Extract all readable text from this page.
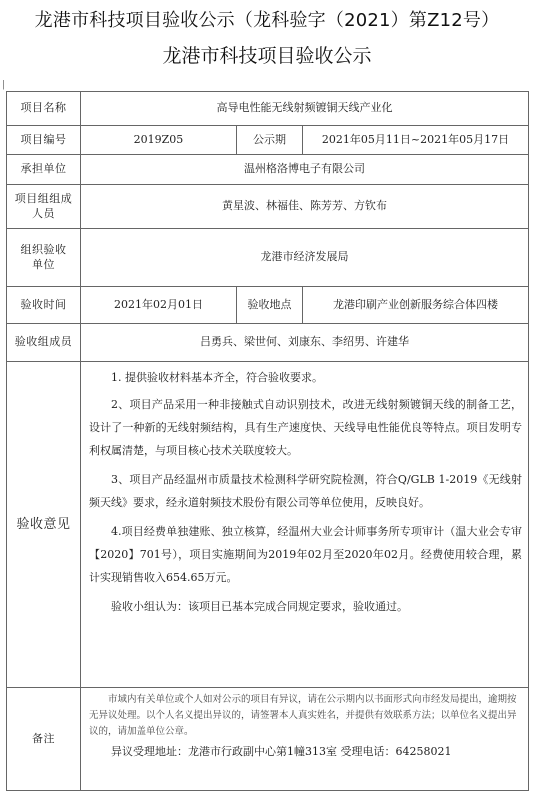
龙港市科技项目验收公示（龙科验字（2021）第Z12号）
龙港市科技项目验收公示
|
项目名称	高导电性能无线射频镀铜天线产业化		
项目编号	2019Z05	公示期	2021年05月11日~2021年05月17日
承担单位	温州格洛博电子有限公司		
项目组组成人员	黄星波、林福佳、陈芳芳、方钦布		
组织验收单位	龙港市经济发展局		
验收时间	2021年02月01日	验收地点	龙港印刷产业创新服务综合体四楼
验收组成员	吕勇兵、梁世何、刘康东、李绍男、许建华		
验收意见	1. 提供验收材料基本齐全，符合验收要求。

2、项目产品采用一种非接触式自动识别技术，改进无线射频镀铜天线的制备工艺，设计了一种新的无线射频结构，具有生产速度快、天线导电性能优良等特点。项目发明专利权属清楚，与项目核心技术关联度较大。

3、项目产品经温州市质量技术检测科学研究院检测，符合Q/GLB 1-2019《无线射频天线》要求，经永道射频技术股份有限公司等单位使用，反映良好。

4.项目经费单独建账、独立核算，经温州大业会计师事务所专项审计（温大业会专审【2020】701号），项目实施期间为2019年02月至2020年02月。经费使用较合理，累计实现销售收入654.65万元。

验收小组认为：该项目已基本完成合同规定要求，验收通过。		

备注	市域内有关单位或个人如对公示的项目有异议，请在公示期内以书面形式向市经发局提出，逾期按无异议处理。以个人名义提出异议的，请签署本人真实姓名，并提供有效联系方法；以单位名义提出异议的，请加盖单位公章。

异议受理地址：龙港市行政副中心第1幢313室 受理电话：64258021		
